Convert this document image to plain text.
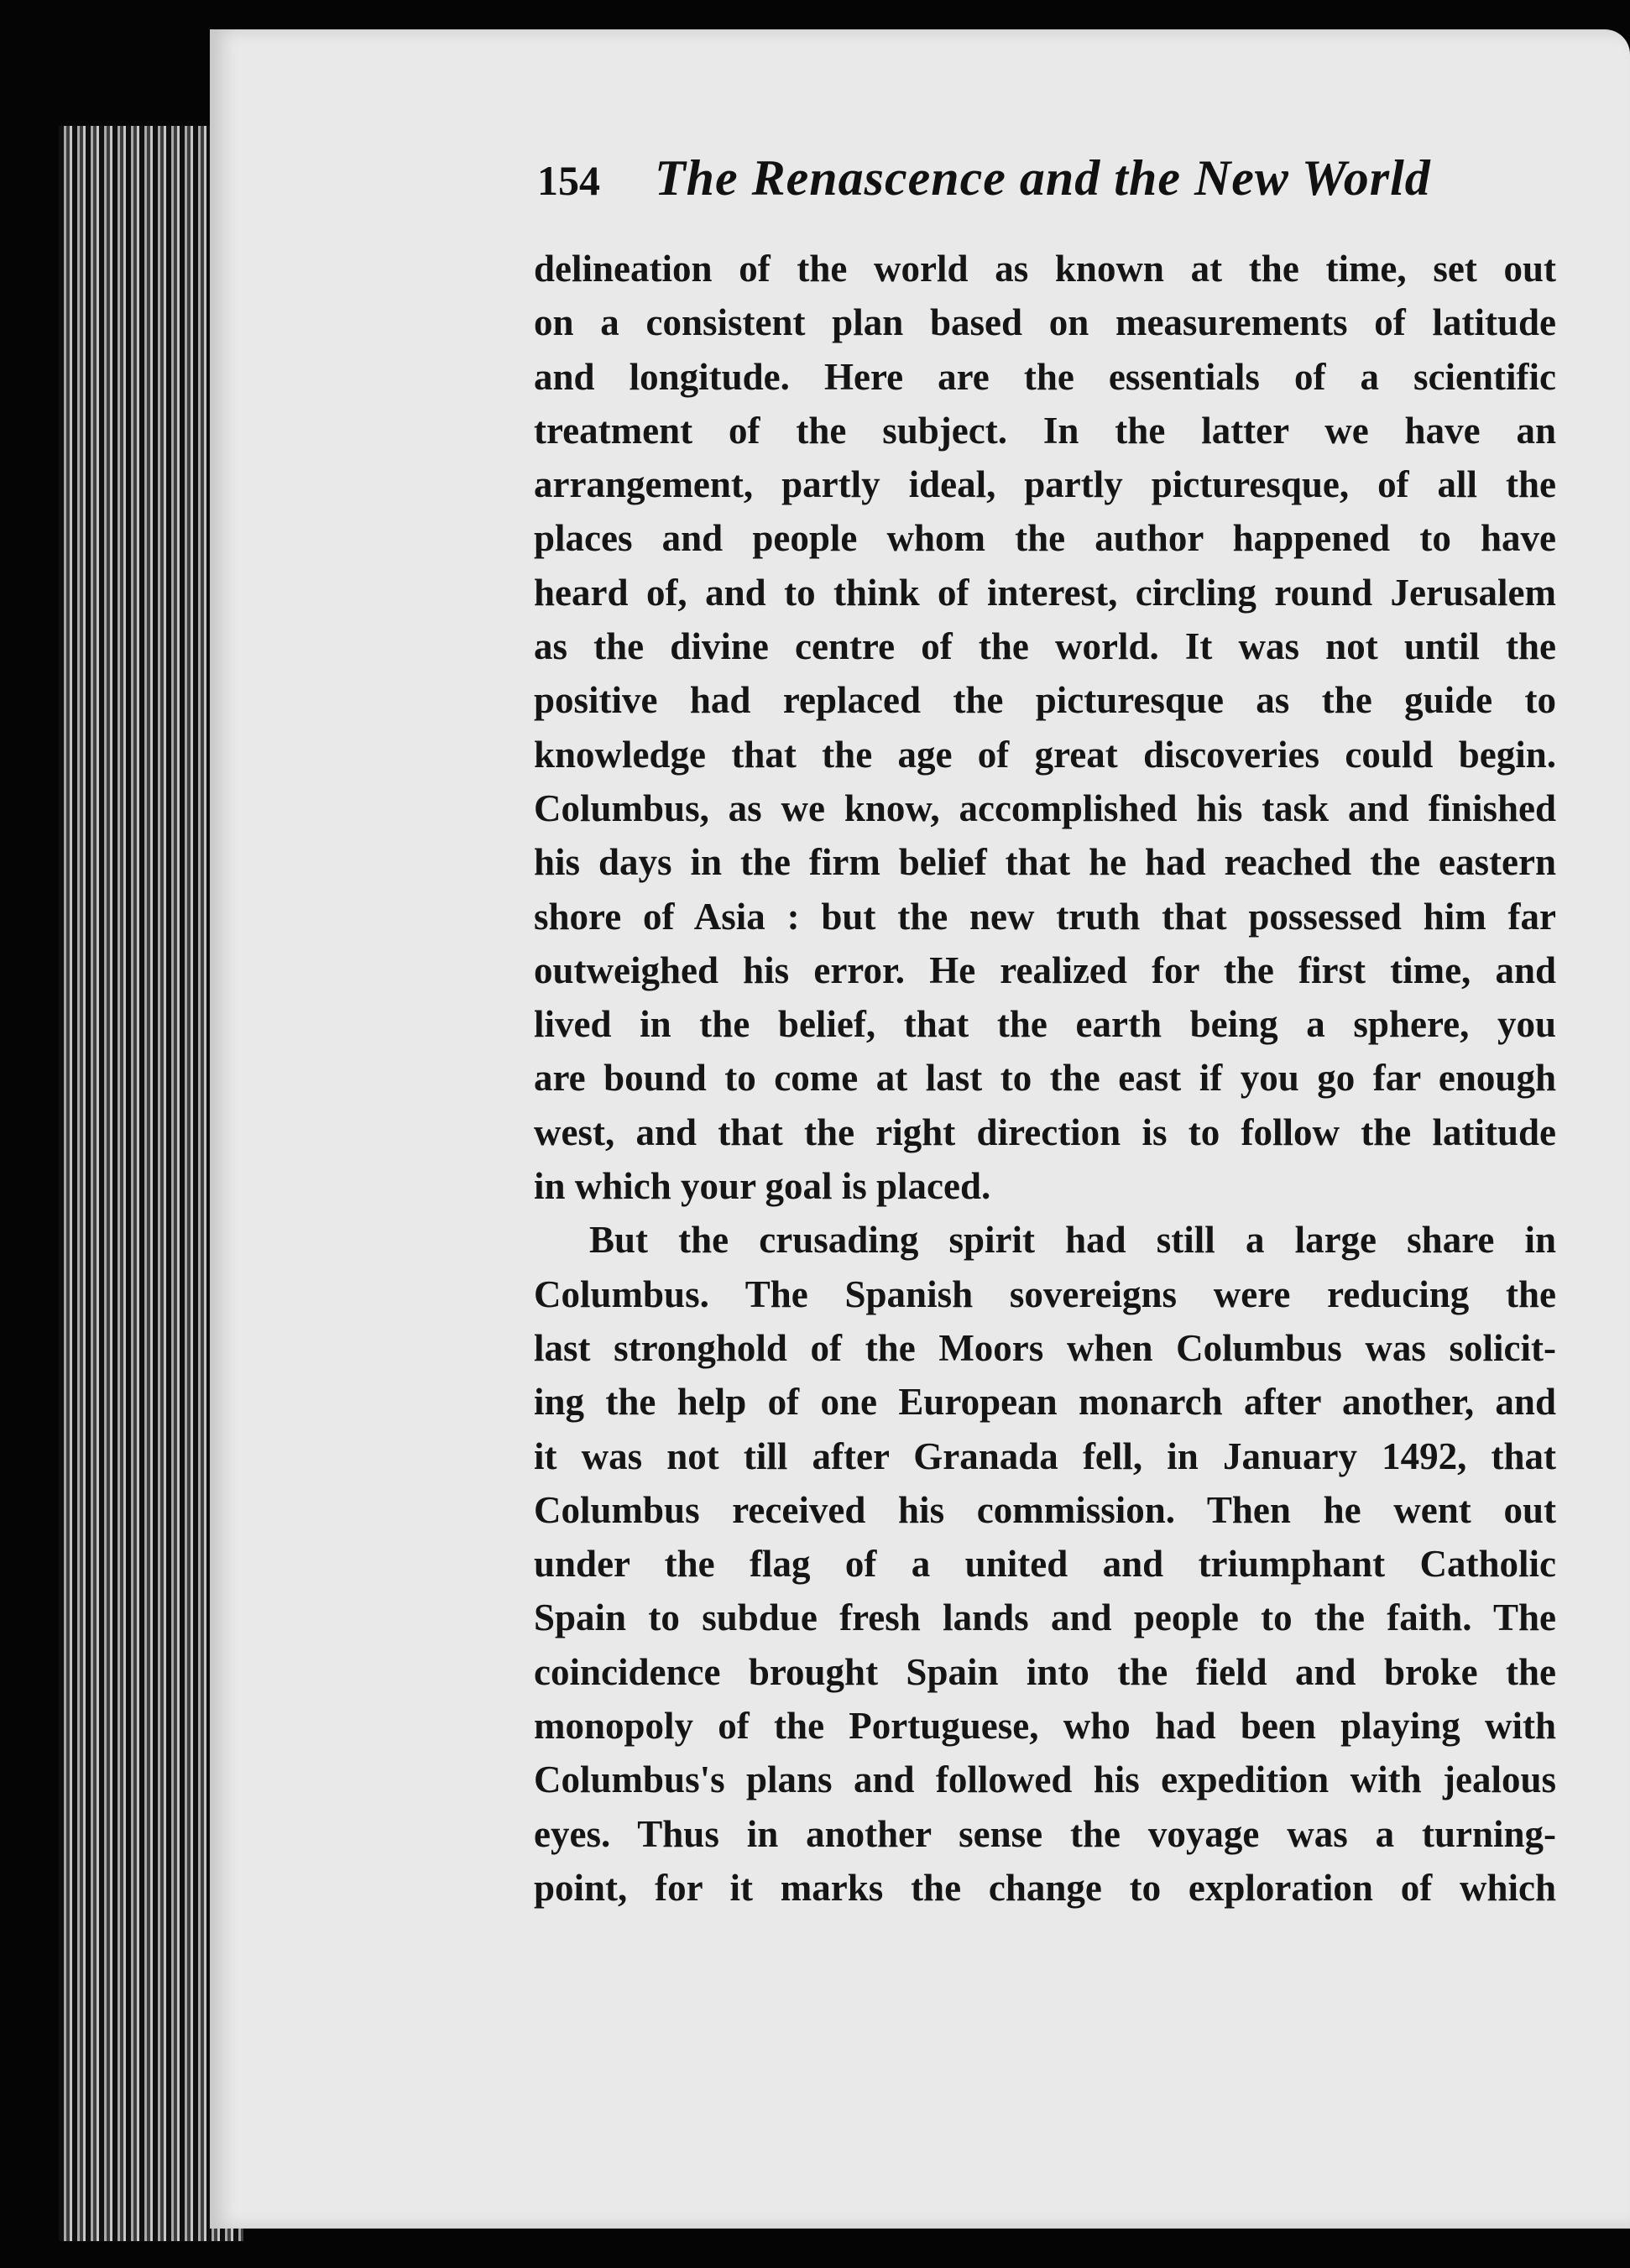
154	The Renascence and the New World
delineation of the world as known at the time, set out
on a consistent plan based on measurements of latitude
and longitude. Here are the essentials of a scientific
treatment of the subject. In the latter we have an
arrangement, partly ideal, partly picturesque, of all the
places and people whom the author happened to have
heard of, and to think of interest, circling round Jerusalem
as the divine centre of the world. It was not until the
positive had replaced the picturesque as the guide to
knowledge that the age of great discoveries could begin.
Columbus, as we know, accomplished his task and finished
his days in the firm belief that he had reached the eastern
shore of Asia : but the new truth that possessed him far
outweighed his error. He realized for the first time, and
lived in the belief, that the earth being a sphere, you
are bound to come at last to the east if you go far enough
west, and that the right direction is to follow the latitude
in which your goal is placed.
But the crusading spirit had still a large share in
Columbus. The Spanish sovereigns were reducing the
last stronghold of the Moors when Columbus was solicit-
ing the help of one European monarch after another, and
it was not till after Granada fell, in January 1492, that
Columbus received his commission. Then he went out
under the flag of a united and triumphant Catholic
Spain to subdue fresh lands and people to the faith. The
coincidence brought Spain into the field and broke the
monopoly of the Portuguese, who had been playing with
Columbus's plans and followed his expedition with jealous
eyes. Thus in another sense the voyage was a turning-
point, for it marks the change to exploration of which
